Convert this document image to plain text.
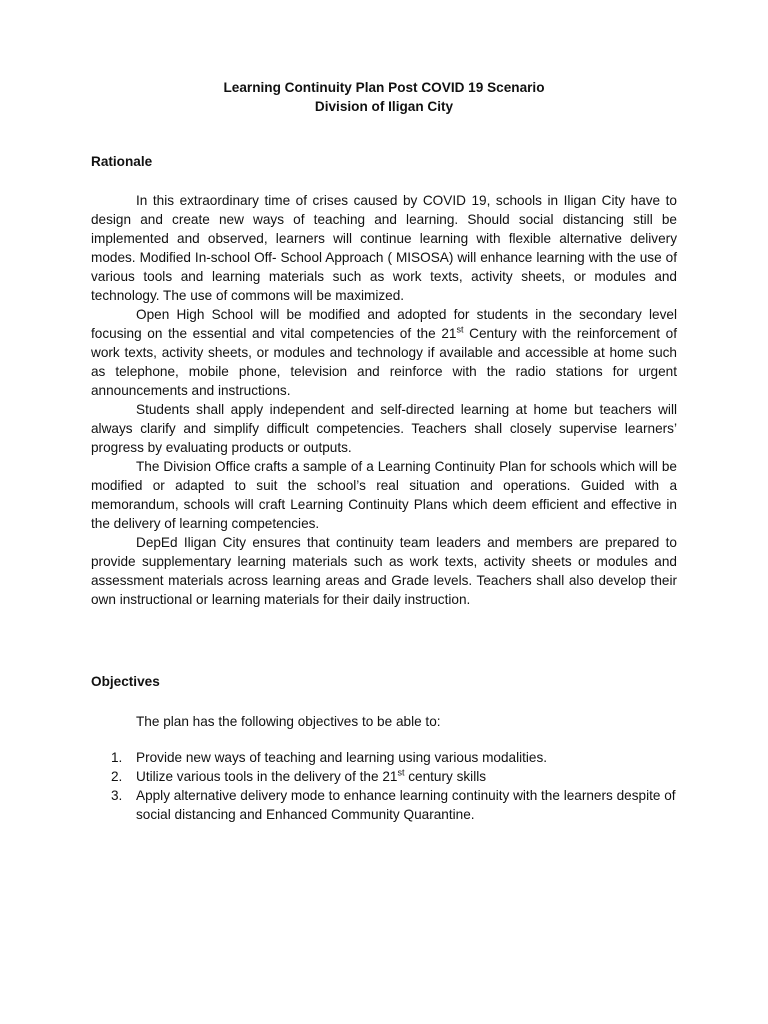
Learning Continuity Plan Post COVID 19 Scenario
Division of Iligan City
Rationale

In this extraordinary time of crises caused by COVID 19, schools in Iligan City have to design and create new ways of teaching and learning. Should social distancing still be implemented and observed, learners will continue learning with flexible alternative delivery modes. Modified In-school Off- School Approach ( MISOSA) will enhance learning with the use of various tools and learning materials such as work texts, activity sheets, or modules and technology. The use of commons will be maximized.

Open High School will be modified and adopted for students in the secondary level focusing on the essential and vital competencies of the 21st Century with the reinforcement of work texts, activity sheets, or modules and technology if available and accessible at home such as telephone, mobile phone, television and reinforce with the radio stations for urgent announcements and instructions.

Students shall apply independent and self-directed learning at home but teachers will always clarify and simplify difficult competencies. Teachers shall closely supervise learners’ progress by evaluating products or outputs.

The Division Office crafts a sample of a Learning Continuity Plan for schools which will be modified or adapted to suit the school’s real situation and operations. Guided with a memorandum, schools will craft Learning Continuity Plans which deem efficient and effective in the delivery of learning competencies.

DepEd Iligan City ensures that continuity team leaders and members are prepared to provide supplementary learning materials such as work texts, activity sheets or modules and assessment materials across learning areas and Grade levels. Teachers shall also develop their own instructional or learning materials for their daily instruction.

Objectives
The plan has the following objectives to be able to:
1.	Provide new ways of teaching and learning using various modalities.
2.	Utilize various tools in the delivery of the 21st century skills
3.	Apply alternative delivery mode to enhance learning continuity with the learners despite of social distancing and Enhanced Community Quarantine.
